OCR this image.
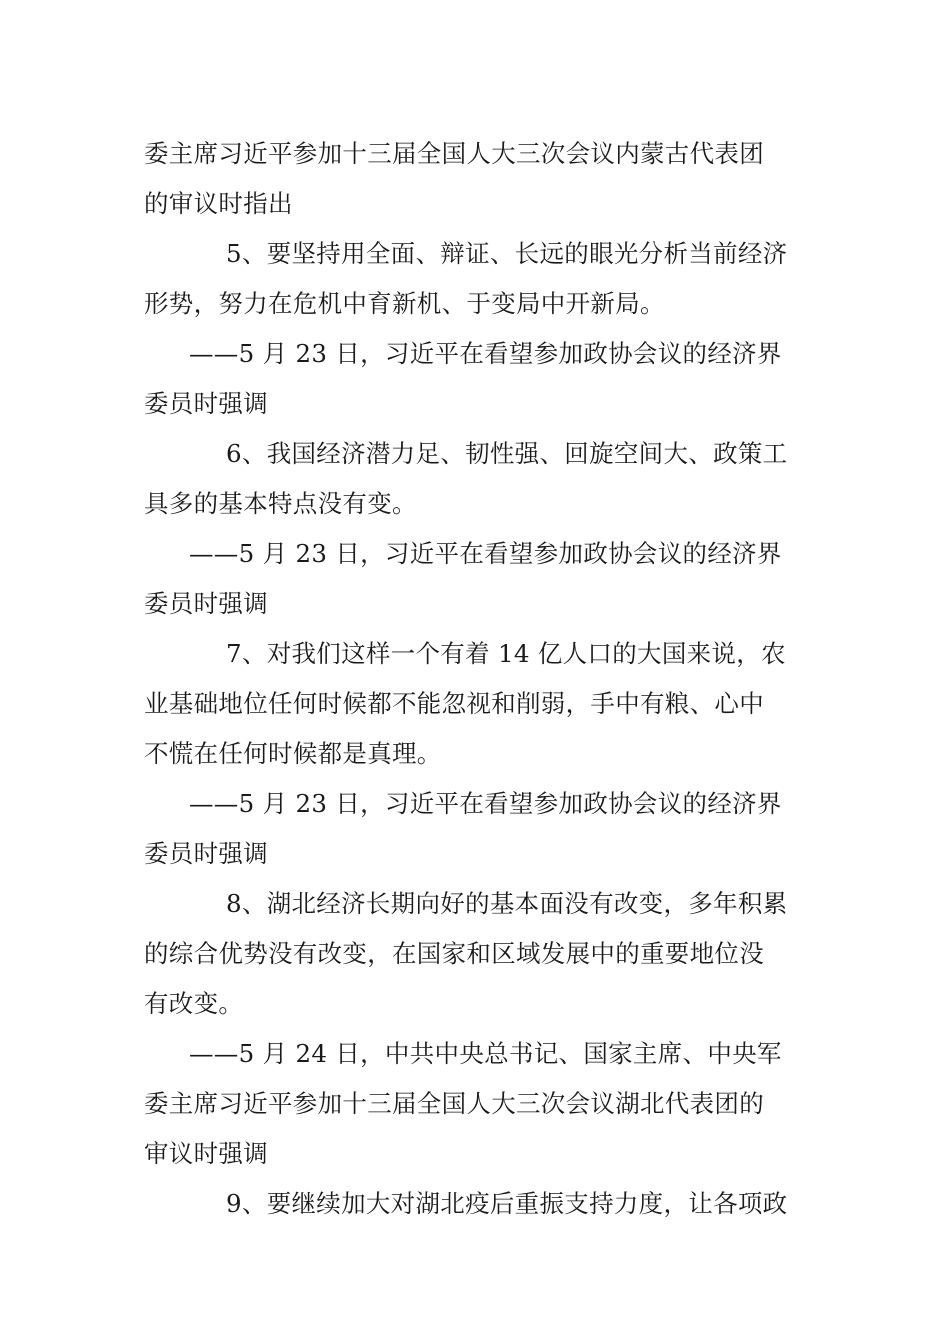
委主席习近平参加十三届全国人大三次会议内蒙古代表团
的审议时指出
5、要坚持用全面、辩证、长远的眼光分析当前经济
形势，努力在危机中育新机、于变局中开新局。
——5 月 23 日，习近平在看望参加政协会议的经济界
委员时强调
6、我国经济潜力足、韧性强、回旋空间大、政策工
具多的基本特点没有变。
——5 月 23 日，习近平在看望参加政协会议的经济界
委员时强调
7、对我们这样一个有着 14 亿人口的大国来说，农
业基础地位任何时候都不能忽视和削弱，手中有粮、心中
不慌在任何时候都是真理。
——5 月 23 日，习近平在看望参加政协会议的经济界
委员时强调
8、湖北经济长期向好的基本面没有改变，多年积累
的综合优势没有改变，在国家和区域发展中的重要地位没
有改变。
——5 月 24 日，中共中央总书记、国家主席、中央军
委主席习近平参加十三届全国人大三次会议湖北代表团的
审议时强调
9、要继续加大对湖北疫后重振支持力度，让各项政
